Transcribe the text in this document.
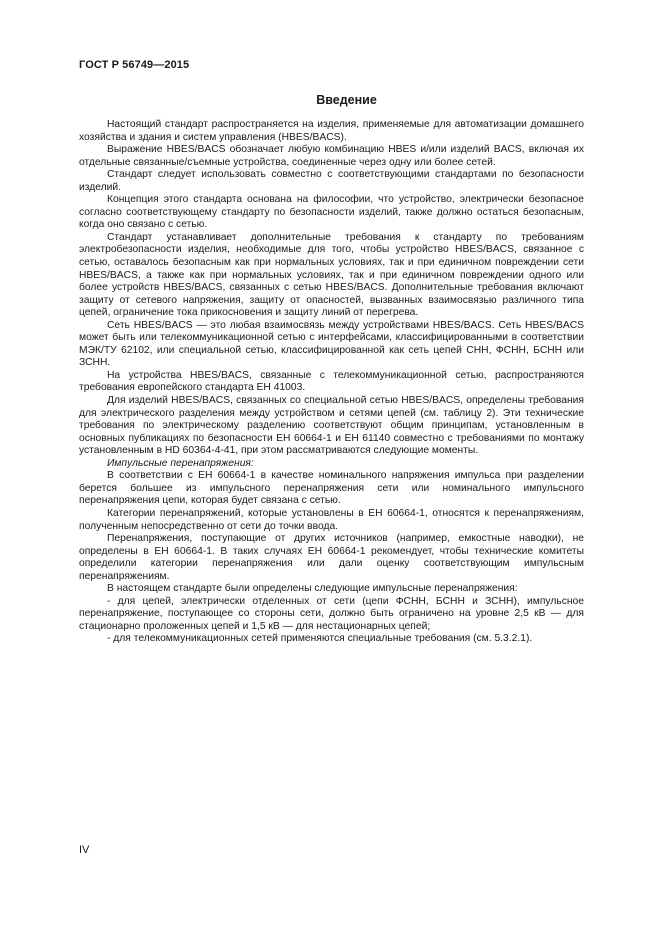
ГОСТ Р 56749—2015
Введение

Настоящий стандарт распространяется на изделия, применяемые для автоматизации домашнего хозяйства и здания и систем управления (HBES/BACS).

Выражение HBES/BACS обозначает любую комбинацию HBES и/или изделий BACS, включая их отдельные связанные/съемные устройства, соединенные через одну или более сетей.

Стандарт следует использовать совместно с соответствующими стандартами по безопасности изделий.

Концепция этого стандарта основана на философии, что устройство, электрически безопасное согласно соответствующему стандарту по безопасности изделий, также должно остаться безопасным, когда оно связано с сетью.

Стандарт устанавливает дополнительные требования к стандарту по требованиям электробезопасности изделия, необходимые для того, чтобы устройство HBES/BACS, связанное с сетью, оставалось безопасным как при нормальных условиях, так и при единичном повреждении сети HBES/BACS, а также как при нормальных условиях, так и при единичном повреждении одного или более устройств HBES/BACS, связанных с сетью HBES/BACS. Дополнительные требования включают защиту от сетевого напряжения, защиту от опасностей, вызванных взаимосвязью различного типа цепей, ограничение тока прикосновения и защиту линий от перегрева.

Сеть HBES/BACS — это любая взаимосвязь между устройствами HBES/BACS. Сеть HBES/BACS может быть или телекоммуникационной сетью с интерфейсами, классифицированными в соответствии МЭК/ТУ 62102, или специальной сетью, классифицированной как сеть цепей СНН, ФСНН, БСНН или ЗСНН.

На устройства HBES/BACS, связанные с телекоммуникационной сетью, распространяются требования европейского стандарта ЕН 41003.

Для изделий HBES/BACS, связанных со специальной сетью HBES/BACS, определены требования для электрического разделения между устройством и сетями цепей (см. таблицу 2). Эти технические требования по электрическому разделению соответствуют общим принципам, установленным в основных публикациях по безопасности ЕН 60664-1 и ЕН 61140 совместно с требованиями по монтажу установленным в HD 60364-4-41, при этом рассматриваются следующие моменты.

Импульсные перенапряжения:

В соответствии с ЕН 60664-1 в качестве номинального напряжения импульса при разделении берется большее из импульсного перенапряжения сети или номинального импульсного перенапряжения цепи, которая будет связана с сетью.

Категории перенапряжений, которые установлены в ЕН 60664-1, относятся к перенапряжениям, полученным непосредственно от сети до точки ввода.

Перенапряжения, поступающие от других источников (например, емкостные наводки), не определены в ЕН 60664-1. В таких случаях ЕН 60664-1 рекомендует, чтобы технические комитеты определили категории перенапряжения или дали оценку соответствующим импульсным перенапряжениям.

В настоящем стандарте были определены следующие импульсные перенапряжения:

- для цепей, электрически отделенных от сети (цепи ФСНН, БСНН и ЗСНН), импульсное перенапряжение, поступающее со стороны сети, должно быть ограничено на уровне 2,5 кВ — для стационарно проложенных цепей и 1,5 кВ — для нестационарных цепей;

- для телекоммуникационных сетей применяются специальные требования (см. 5.3.2.1).

IV
